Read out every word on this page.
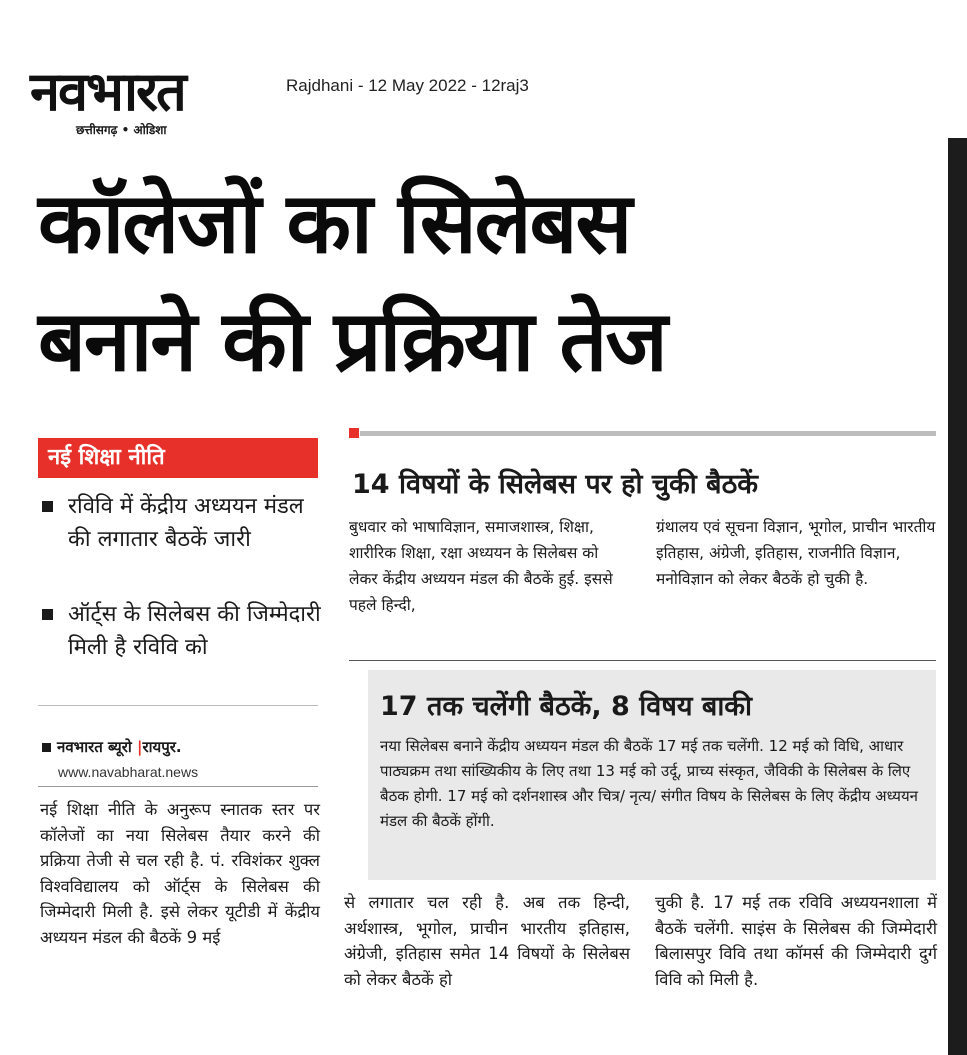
नवभारत
छत्तीसगढ़ • ओडिशा
Rajdhani - 12 May 2022 - 12raj3
कॉलेजों का सिलेबस
बनाने की प्रक्रिया तेज
नई शिक्षा नीति
रविवि में केंद्रीय अध्ययन मंडल की लगातार बैठकें जारी
ऑर्ट्स के सिलेबस की जिम्मेदारी मिली है रविवि को
नवभारत ब्यूरो |रायपुर.
www.navabharat.news
नई शिक्षा नीति के अनुरूप स्नातक स्तर पर कॉलेजों का नया सिलेबस तैयार करने की प्रक्रिया तेजी से चल रही है. पं. रविशंकर शुक्ल विश्वविद्यालय को ऑर्ट्स के सिलेबस की जिम्मेदारी मिली है. इसे लेकर यूटीडी में केंद्रीय अध्ययन मंडल की बैठकें 9 मई
14 विषयों के सिलेबस पर हो चुकी बैठकें
बुधवार को भाषाविज्ञान, समाजशास्त्र, शिक्षा, शारीरिक शिक्षा, रक्षा अध्ययन के सिलेबस को लेकर केंद्रीय अध्ययन मंडल की बैठकें हुई. इससे पहले हिन्दी,
ग्रंथालय एवं सूचना विज्ञान, भूगोल, प्राचीन भारतीय इतिहास, अंग्रेजी, इतिहास, राजनीति विज्ञान, मनोविज्ञान को लेकर बैठकें हो चुकी है.
17 तक चलेंगी बैठकें, 8 विषय बाकी
नया सिलेबस बनाने केंद्रीय अध्ययन मंडल की बैठकें 17 मई तक चलेंगी. 12 मई को विधि, आधार पाठ्यक्रम तथा सांख्यिकीय के लिए तथा 13 मई को उर्दू, प्राच्य संस्कृत, जैविकी के सिलेबस के लिए बैठक होगी. 17 मई को दर्शनशास्त्र और चित्र/ नृत्य/ संगीत विषय के सिलेबस के लिए केंद्रीय अध्ययन मंडल की बैठकें होंगी.
से लगातार चल रही है. अब तक हिन्दी, अर्थशास्त्र, भूगोल, प्राचीन भारतीय इतिहास, अंग्रेजी, इतिहास समेत 14 विषयों के सिलेबस को लेकर बैठकें हो
चुकी है. 17 मई तक रविवि अध्ययनशाला में बैठकें चलेंगी. साइंस के सिलेबस की जिम्मेदारी बिलासपुर विवि तथा कॉमर्स की जिम्मेदारी दुर्ग विवि को मिली है.
